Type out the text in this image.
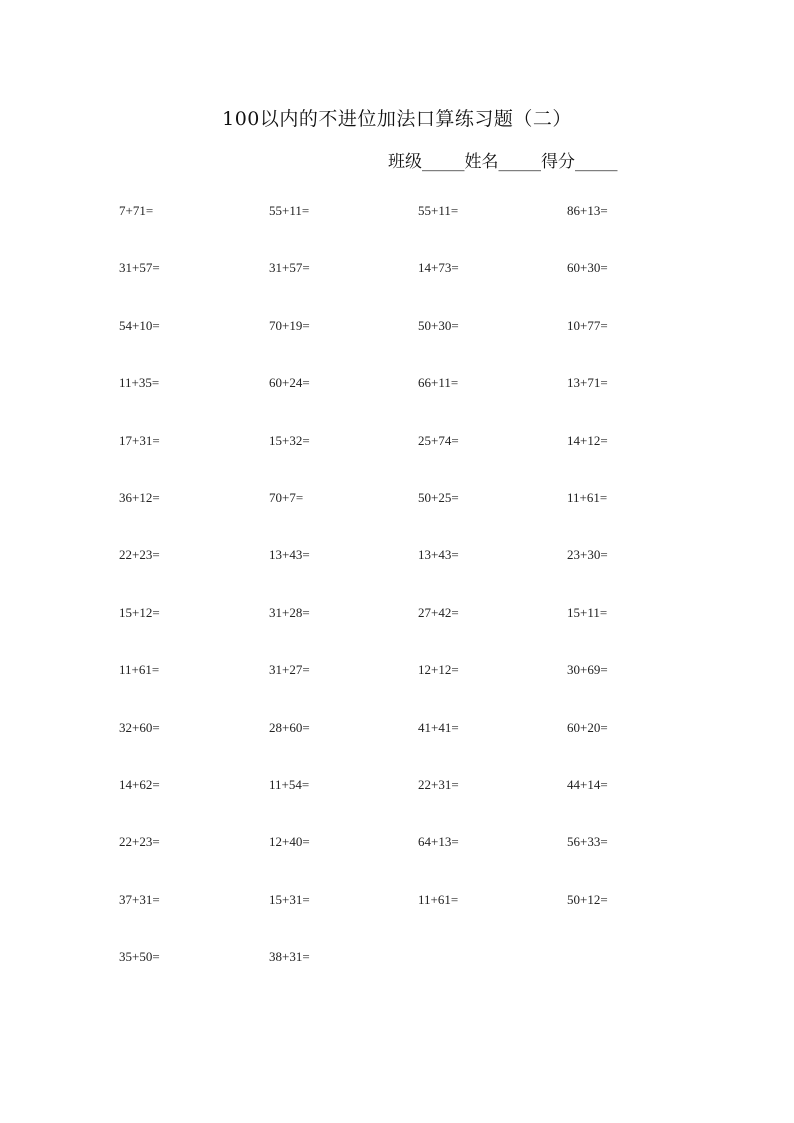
100以内的不进位加法口算练习题（二）
班级_____姓名_____得分_____
7+71=	55+11=	55+11=	86+13=
31+57=	31+57=	14+73=	60+30=
54+10=	70+19=	50+30=	10+77=
11+35=	60+24=	66+11=	13+71=
17+31=	15+32=	25+74=	14+12=
36+12=	70+7=	50+25=	11+61=
22+23=	13+43=	13+43=	23+30=
15+12=	31+28=	27+42=	15+11=
11+61=	31+27=	12+12=	30+69=
32+60=	28+60=	41+41=	60+20=
14+62=	11+54=	22+31=	44+14=
22+23=	12+40=	64+13=	56+33=
37+31=	15+31=	11+61=	50+12=
35+50=	38+31=
